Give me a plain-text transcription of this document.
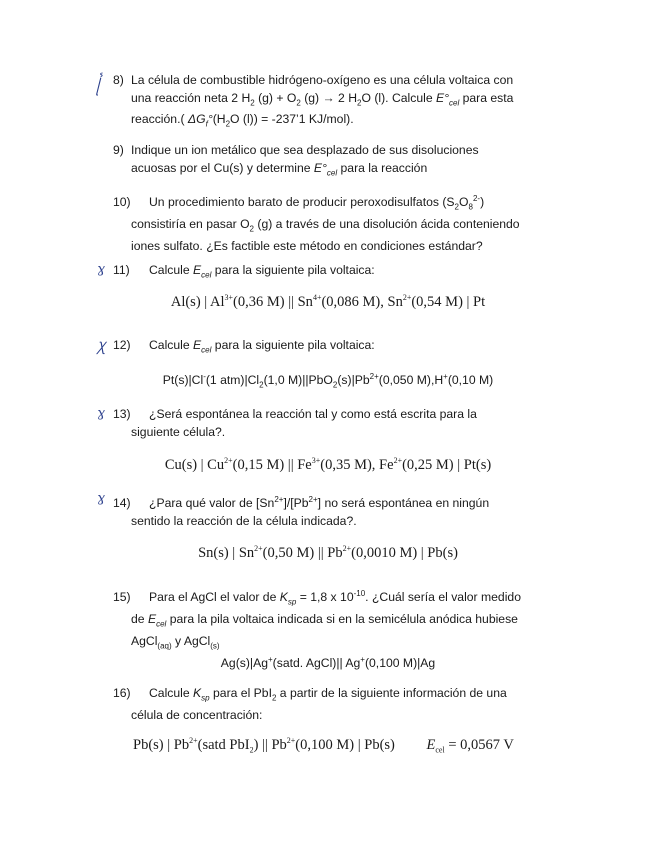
꧌ 8) La célula de combustible hidrógeno-oxígeno es una célula voltaica con
una reacción neta 2 $H_2$ $(g) + O_2$ (g) → 2 $H_2O$ (l). Calcule $E^\circ_{cel}$ para esta
reacción.( $\Delta G_f^\circ(H_2O$ (l)) = -237’1 KJ/mol).
9) Indique un ion metálico que sea desplazado de sus disoluciones
acuosas por el Cu(s) y determine $E^\circ_{cel}$ para la reacción
10) Un procedimiento barato de producir peroxodisulfatos $(S_2O_8^{2-})$
consistiría en pasar $O_2$ (g) a través de una disolución ácida conteniendo
iones sulfato. ¿Es factible este método en condiciones estándar?
ɣ 11) Calcule $E_{cel}$ para la siguiente pila voltaica:
Al(s) | $Al^{3+}(0,36$ M) || $Sn^{4+}(0,086$ M), $Sn^{2+}(0,54$ M) | Pt
Ꭓ 12) Calcule $E_{cel}$ para la siguiente pila voltaica:
Pt(s)|Cl-(1 $atm)|Cl_2(1,0$ $M)||PbO_2(s)|Pb^{2+}(0,050$ M),H+(0,10 M)
ɣ 13) ¿Será espontánea la reacción tal y como está escrita para la
siguiente célula?.
Cu(s) | $Cu^{2+}(0,15$ M) || $Fe^{3+}(0,35$ M), $Fe^{2+}(0,25$ M) | Pt(s)
ɣ 14) ¿Para qué valor de $[Sn^{2+}]/[Pb^{2+}]$ no será espontánea en ningún
sentido la reacción de la célula indicada?.
Sn(s) | $Sn^{2+}(0,50$ M) || $Pb^{2+}(0,0010$ M) | Pb(s)
15) Para el AgCl el valor de $K_{sp} = 1,8$ x $10^{-10}$. ¿Cuál sería el valor medido
de $E_{cel}$ para la pila voltaica indicada si en la semicélula anódica hubiese
AgCl$_{(aq)}$ y AgCl$_{(s)}$
Ag(s)|Ag+(satd. AgCl)|| Ag+(0,100 M)|Ag
16) Calcule $K_{sp}$ para el PbI$_2$ a partir de la siguiente información de una
célula de concentración:
Pb(s) | $Pb^{2+}(satd$ PbI$_2$) || $Pb^{2+}(0,100$ M) | Pb(s) $E_{cel} = 0,0567$ V
